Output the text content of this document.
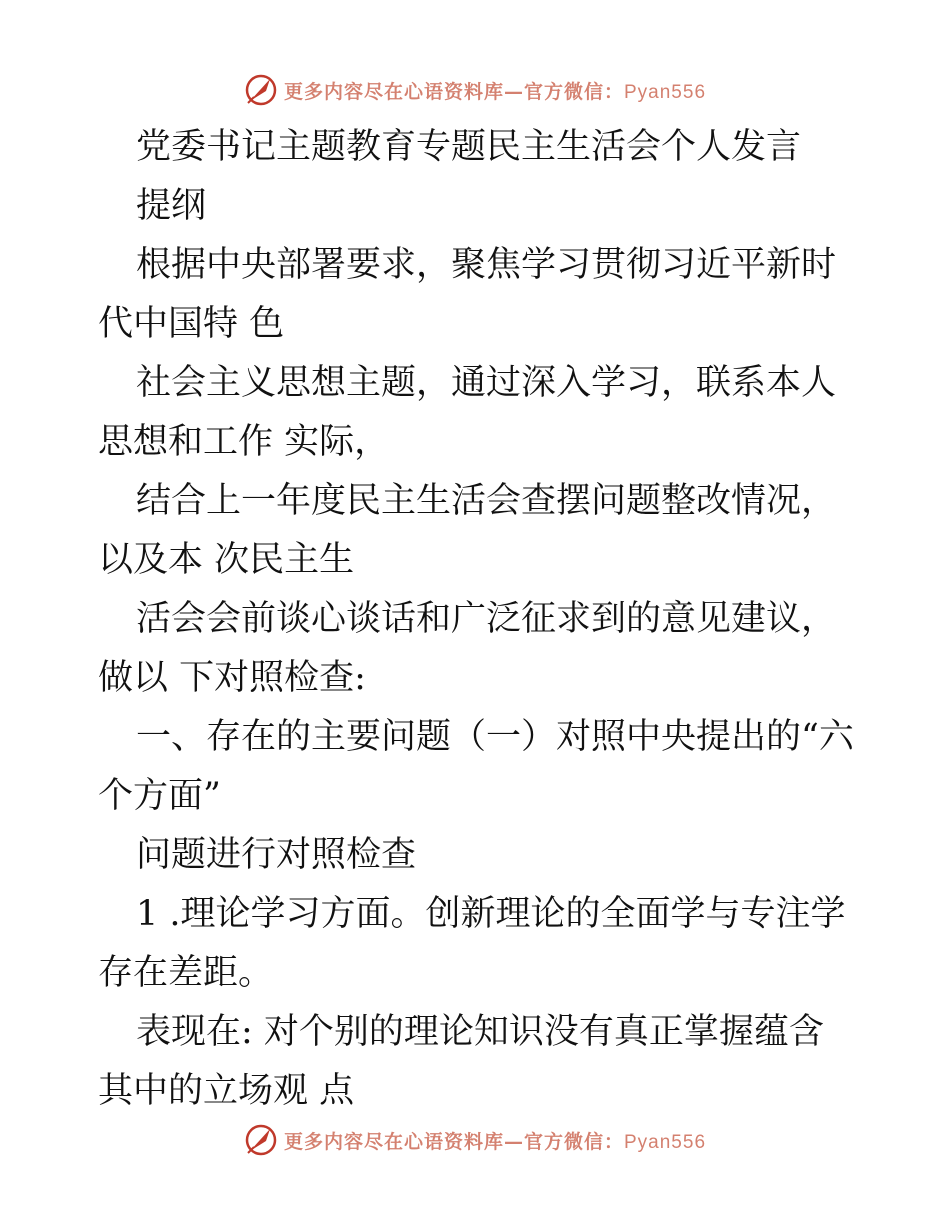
更多内容尽在心语资料库—官方微信：Pyan556

党委书记主题教育专题民主生活会个人发言

提纲

根据中央部署要求，聚焦学习贯彻习近平新时代中国特 色

社会主义思想主题，通过深入学习，联系本人思想和工作 实际，

结合上一年度民主生活会查摆问题整改情况，以及本 次民主生

活会会前谈心谈话和广泛征求到的意见建议，做以 下对照检查:

一、存在的主要问题（一）对照中央提出的“六个方面”

问题进行对照检查

1 .理论学习方面。创新理论的全面学与专注学存在差距。

表现在: 对个别的理论知识没有真正掌握蕴含其中的立场观 点

更多内容尽在心语资料库—官方微信：Pyan556
